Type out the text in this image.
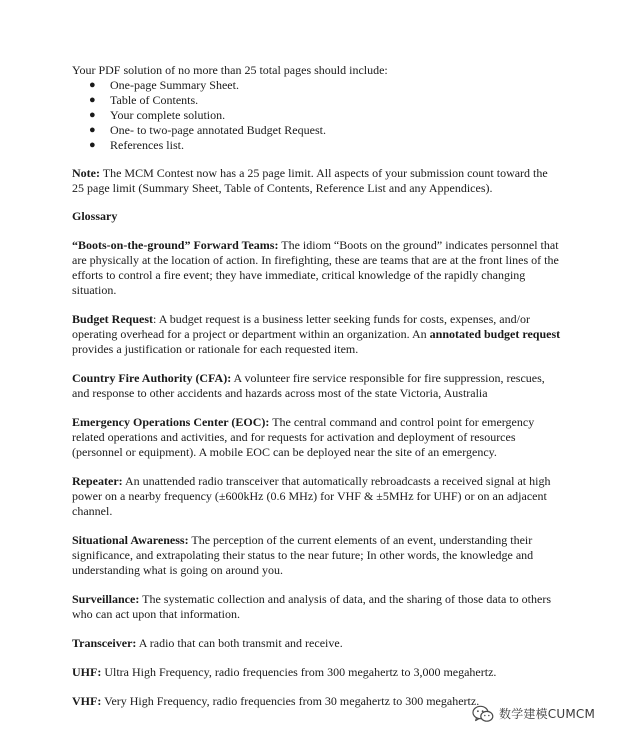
Your PDF solution of no more than 25 total pages should include:

● One-page Summary Sheet.
● Table of Contents.
● Your complete solution.
● One- to two-page annotated Budget Request.
● References list.

Note: The MCM Contest now has a 25 page limit. All aspects of your submission count toward the 25 page limit (Summary Sheet, Table of Contents, Reference List and any Appendices).

Glossary

“Boots-on-the-ground” Forward Teams: The idiom “Boots on the ground” indicates personnel that are physically at the location of action. In firefighting, these are teams that are at the front lines of the efforts to control a fire event; they have immediate, critical knowledge of the rapidly changing situation.

Budget Request: A budget request is a business letter seeking funds for costs, expenses, and/or operating overhead for a project or department within an organization. An annotated budget request provides a justification or rationale for each requested item.

Country Fire Authority (CFA): A volunteer fire service responsible for fire suppression, rescues, and response to other accidents and hazards across most of the state Victoria, Australia

Emergency Operations Center (EOC): The central command and control point for emergency related operations and activities, and for requests for activation and deployment of resources (personnel or equipment). A mobile EOC can be deployed near the site of an emergency.

Repeater: An unattended radio transceiver that automatically rebroadcasts a received signal at high power on a nearby frequency (±600kHz (0.6 MHz) for VHF & ±5MHz for UHF) or on an adjacent channel.

Situational Awareness: The perception of the current elements of an event, understanding their significance, and extrapolating their status to the near future; In other words, the knowledge and understanding what is going on around you.

Surveillance: The systematic collection and analysis of data, and the sharing of those data to others who can act upon that information.

Transceiver: A radio that can both transmit and receive.

UHF: Ultra High Frequency, radio frequencies from 300 megahertz to 3,000 megahertz.

VHF: Very High Frequency, radio frequencies from 30 megahertz to 300 megahertz.

数学建模CUMCM
